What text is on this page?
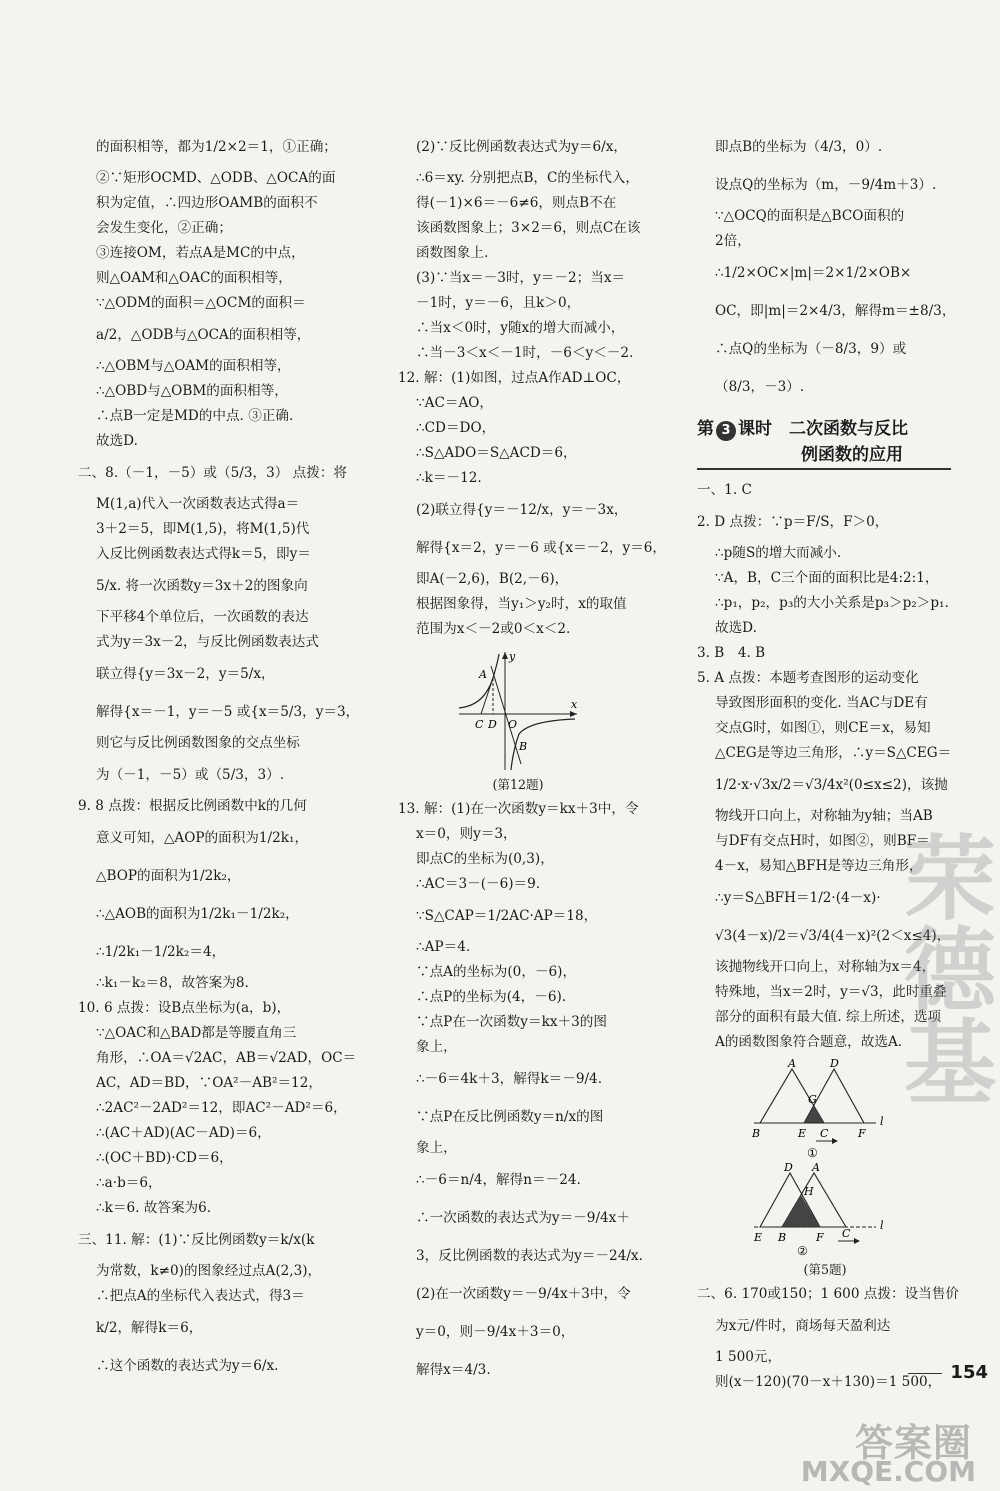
的面积相等，都为1/2×2＝1，①正确；

②∵矩形OCMD、△ODB、△OCA的面

积为定值，∴四边形OAMB的面积不

会发生变化，②正确；

③连接OM，若点A是MC的中点，

则△OAM和△OAC的面积相等，

∵△ODM的面积＝△OCM的面积＝

a/2，△ODB与△OCA的面积相等，

∴△OBM与△OAM的面积相等，

∴△OBD与△OBM的面积相等，

∴点B一定是MD的中点. ③正确.

故选D.

二、8.（－1，－5）或（5/3，3） 点拨：将

M(1,a)代入一次函数表达式得a＝

3＋2＝5，即M(1,5)，将M(1,5)代

入反比例函数表达式得k＝5，即y＝

5/x. 将一次函数y＝3x＋2的图象向

下平移4个单位后，一次函数的表达

式为y＝3x－2，与反比例函数表达式

联立得{y＝3x－2，y＝5/x，

解得{x＝－1，y＝－5 或{x＝5/3，y＝3，

则它与反比例函数图象的交点坐标

为（－1，－5）或（5/3，3）.

9. 8 点拨：根据反比例函数中k的几何

意义可知，△AOP的面积为1/2k₁，

△BOP的面积为1/2k₂，

∴△AOB的面积为1/2k₁－1/2k₂，

∴1/2k₁－1/2k₂＝4，

∴k₁－k₂＝8，故答案为8.

10. 6 点拨：设B点坐标为(a，b)，

∵△OAC和△BAD都是等腰直角三

角形，∴OA＝√2AC，AB＝√2AD，OC＝

AC，AD＝BD，∵OA²－AB²＝12，

∴2AC²－2AD²＝12，即AC²－AD²＝6，

∴(AC＋AD)(AC－AD)＝6，

∴(OC＋BD)·CD＝6，

∴a·b＝6，

∴k＝6. 故答案为6.

三、11. 解：(1)∵反比例函数y＝k/x(k

为常数，k≠0)的图象经过点A(2,3)，

∴把点A的坐标代入表达式，得3＝

k/2，解得k＝6，

∴这个函数的表达式为y＝6/x.

(2)∵反比例函数表达式为y＝6/x，

∴6＝xy. 分别把点B，C的坐标代入，

得(－1)×6＝－6≠6，则点B不在

该函数图象上；3×2＝6，则点C在该

函数图象上.

(3)∵当x＝－3时，y＝－2；当x＝

－1时，y＝－6，且k＞0，

∴当x＜0时，y随x的增大而减小，

∴当－3＜x＜－1时，－6＜y＜－2.

12. 解：(1)如图，过点A作AD⊥OC，

∵AC＝AO，

∴CD＝DO，

∴S△ADO＝S△ACD＝6，

∴k＝－12.

(2)联立得{y＝－12/x，y＝－3x，

解得{x＝2，y＝－6 或{x＝－2，y＝6，

即A(－2,6)，B(2,－6)，

根据图象得，当y₁＞y₂时，x的取值

范围为x＜－2或0＜x＜2.

y
x
A
C D O
B
(第12题)

13. 解：(1)在一次函数y＝kx＋3中，令

x＝0，则y＝3，

即点C的坐标为(0,3)，

∴AC＝3－(－6)＝9.

∵S△CAP＝1/2AC·AP＝18，

∴AP＝4.

∵点A的坐标为(0，－6)，

∴点P的坐标为(4，－6).

∵点P在一次函数y＝kx＋3的图

象上，

∴－6＝4k＋3，解得k＝－9/4.

∵点P在反比例函数y＝n/x的图

象上，

∴－6＝n/4，解得n＝－24.

∴一次函数的表达式为y＝－9/4x＋

3，反比例函数的表达式为y＝－24/x.

(2)在一次函数y＝－9/4x＋3中，令

y＝0，则－9/4x＋3＝0，

解得x＝4/3.

即点B的坐标为（4/3，0）.

设点Q的坐标为（m，－9/4m＋3）.

∵△OCQ的面积是△BCO面积的

2倍，

∴1/2×OC×|m|＝2×1/2×OB×

OC，即|m|＝2×4/3，解得m＝±8/3，

∴点Q的坐标为（－8/3，9）或

（8/3，－3）.

第 3 课时　二次函数与反比
例函数的应用

一、1. C

2. D 点拨：∵p＝F/S，F＞0，

∴p随S的增大而减小.

∵A，B，C三个面的面积比是4:2:1，

∴p₁，p₂，p₃的大小关系是p₃＞p₂＞p₁.

故选D.

3. B　4. B

5. A 点拨：本题考查图形的运动变化

导致图形面积的变化. 当AC与DE有

交点G时，如图①，则CE＝x，易知

△CEG是等边三角形，∴y＝S△CEG＝

1/2·x·√3x/2＝√3/4x²(0≤x≤2)，该抛

物线开口向上，对称轴为y轴；当AB

与DF有交点H时，如图②，则BF＝

4－x，易知△BFH是等边三角形，

∴y＝S△BFH＝1/2·(4－x)·

√3(4－x)/2＝√3/4(4－x)²(2＜x≤4)，

该抛物线开口向上，对称轴为x＝4，

特殊地，当x＝2时，y＝√3，此时重叠

部分的面积有最大值. 综上所述，选项

A的函数图象符合题意，故选A.

A	D
G
B	E C	F
l
①
D A
H
E B	F C
l
②
(第5题)

二、6. 170或150；1 600 点拨：设当售价

为x元/件时，商场每天盈利达

1 500元，

则(x－120)(70－x＋130)＝1 500， 154
荣德基
答案圈
MXQE.COM
